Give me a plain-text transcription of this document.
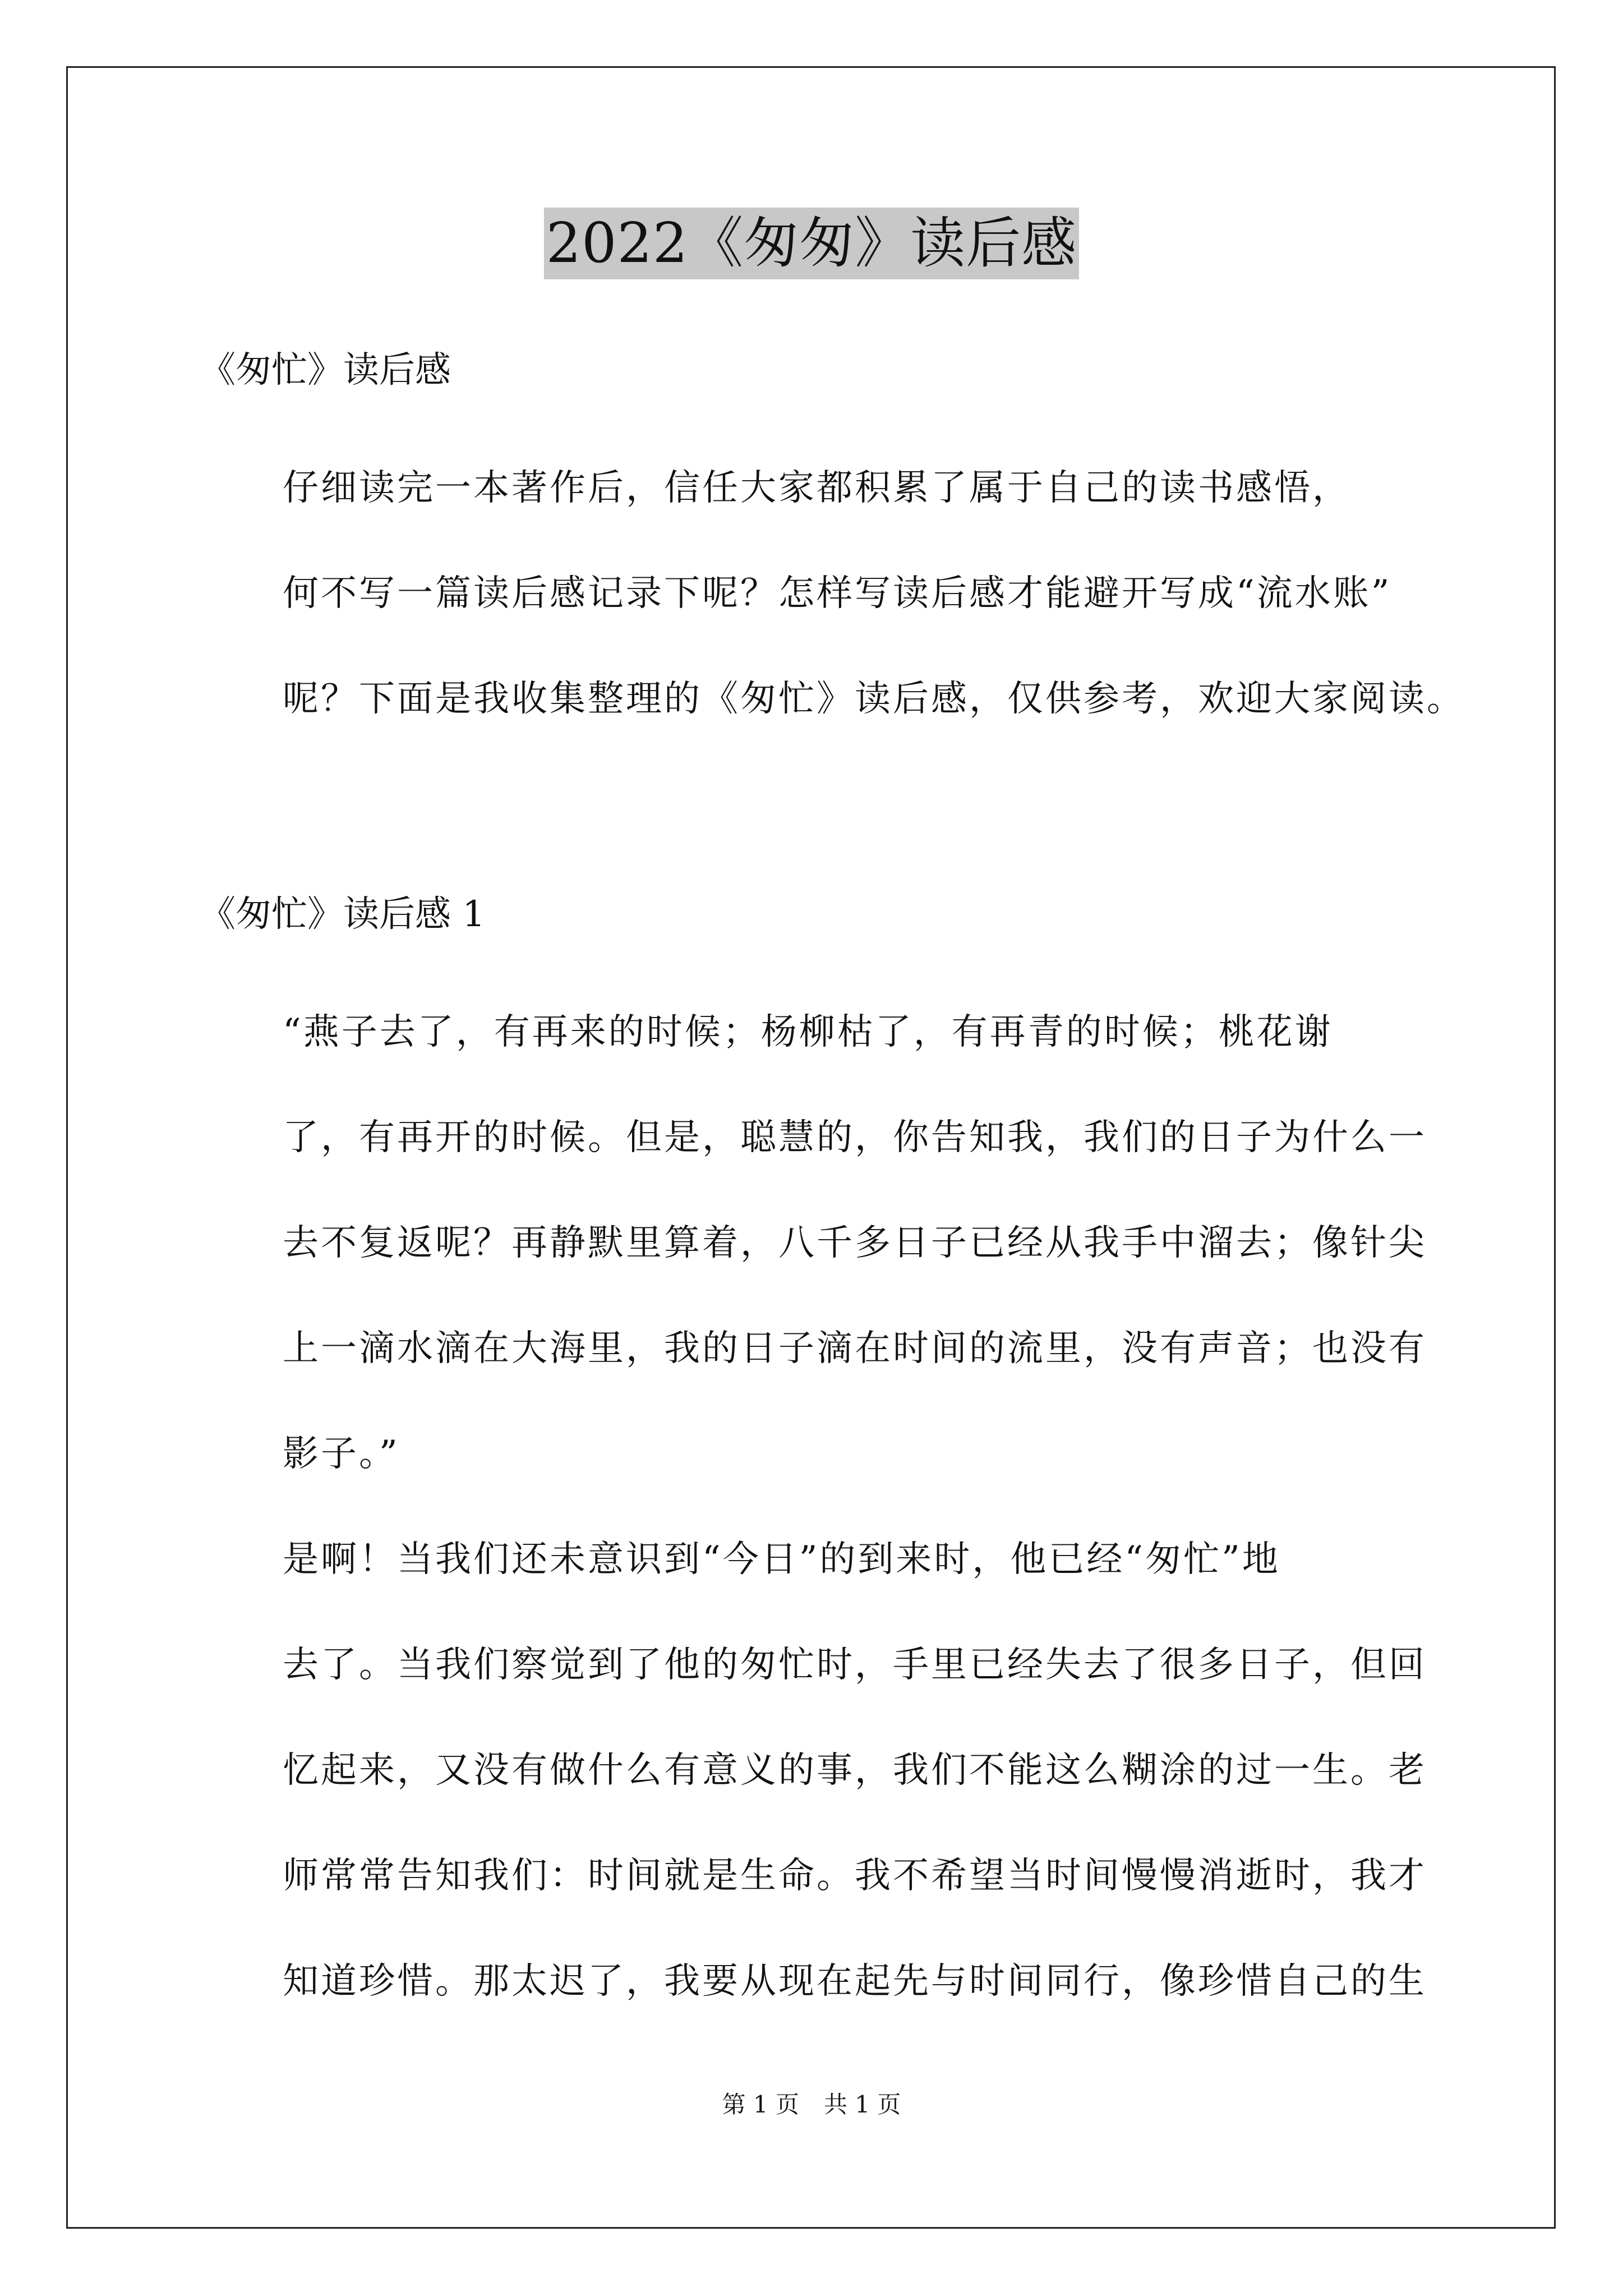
2022《匆匆》读后感

《匆忙》读后感

仔细读完一本著作后，信任大家都积累了属于自己的读书感悟，
何不写一篇读后感记录下呢？怎样写读后感才能避开写成“流水账”
呢？下面是我收集整理的《匆忙》读后感，仅供参考，欢迎大家阅读。

《匆忙》读后感 1

“燕子去了，有再来的时候；杨柳枯了，有再青的时候；桃花谢
了，有再开的时候。但是，聪慧的，你告知我，我们的日子为什么一
去不复返呢？再静默里算着，八千多日子已经从我手中溜去；像针尖
上一滴水滴在大海里，我的日子滴在时间的流里，没有声音；也没有
影子。”

是啊！当我们还未意识到“今日”的到来时，他已经“匆忙”地
去了。当我们察觉到了他的匆忙时，手里已经失去了很多日子，但回
忆起来，又没有做什么有意义的事，我们不能这么糊涂的过一生。老
师常常告知我们：时间就是生命。我不希望当时间慢慢消逝时，我才
知道珍惜。那太迟了，我要从现在起先与时间同行，像珍惜自己的生

第 1 页 共 1 页
